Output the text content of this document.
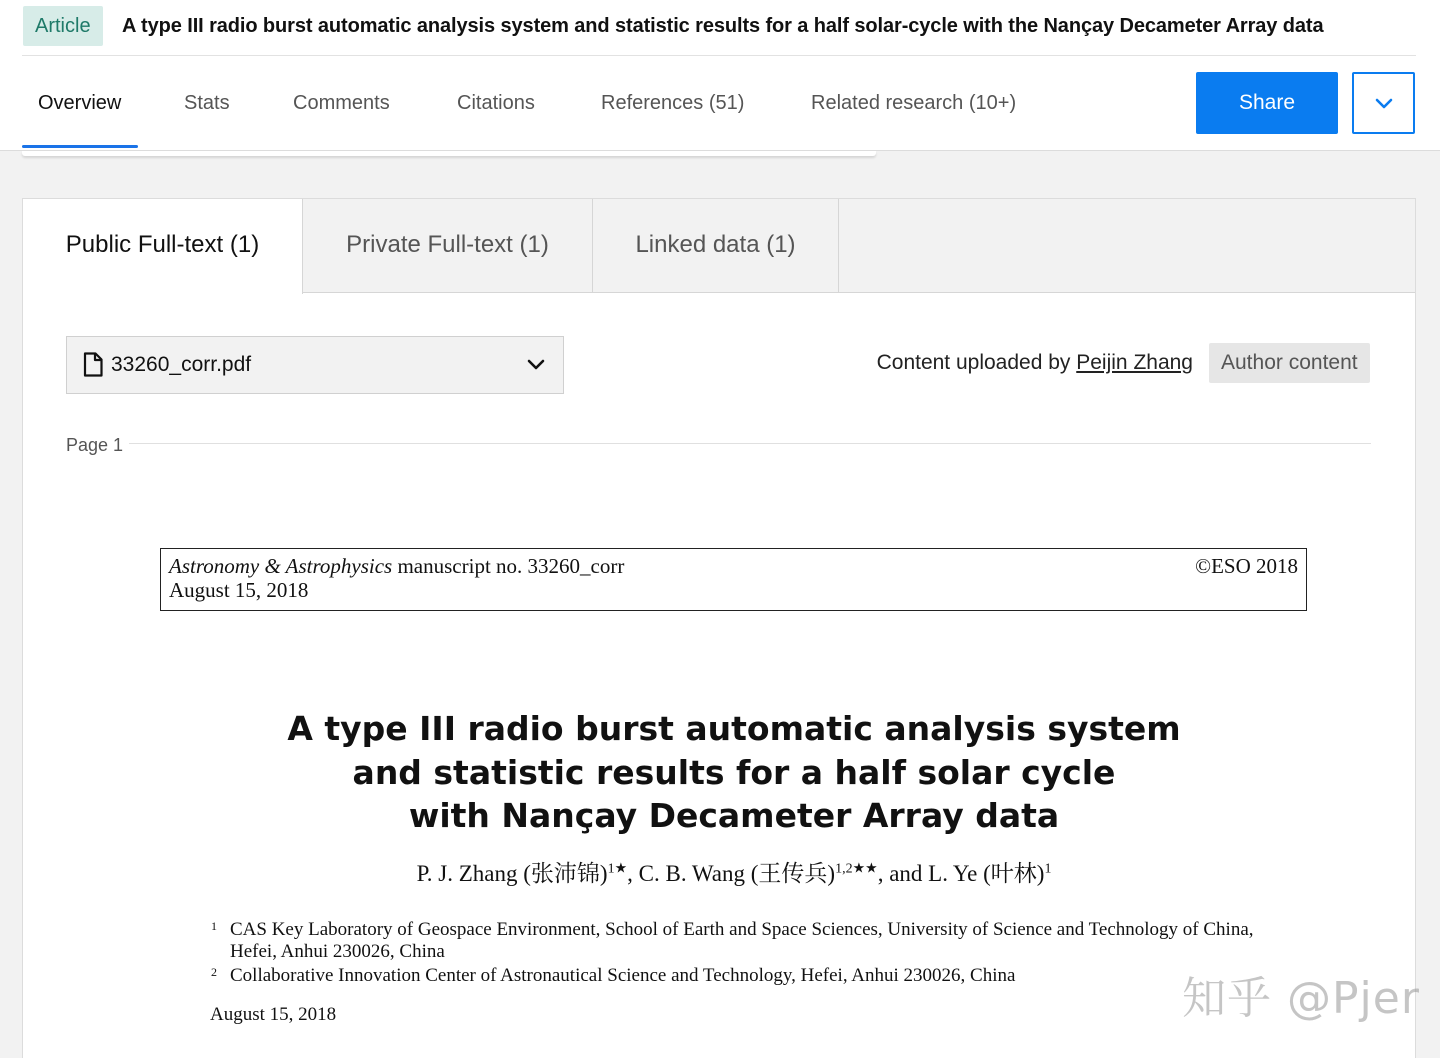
Article	A type III radio burst automatic analysis system and statistic results for a half solar-cycle with the Nançay Decameter Array data
Overview	Stats	Comments	Citations	References (51)	Related research (10+)	Share
Public Full-text (1)	Private Full-text (1)	Linked data (1)
33260_corr.pdf	Content uploaded by Peijin Zhang	Author content
Page 1
Astronomy & Astrophysics manuscript no. 33260_corr
August 15, 2018
©ESO 2018
A type III radio burst automatic analysis system
and statistic results for a half solar cycle
with Nançay Decameter Array data
P. J. Zhang (张沛锦)$^{1★}$, C. B. Wang (王传兵)$^{1,2★★}$, and L. Ye (叶林)$^1$
$^1$ CAS Key Laboratory of Geospace Environment, School of Earth and Space Sciences, University of Science and Technology of China, Hefei, Anhui 230026, China
$^2$ Collaborative Innovation Center of Astronautical Science and Technology, Hefei, Anhui 230026, China
August 15, 2018	知乎 @Pjer
